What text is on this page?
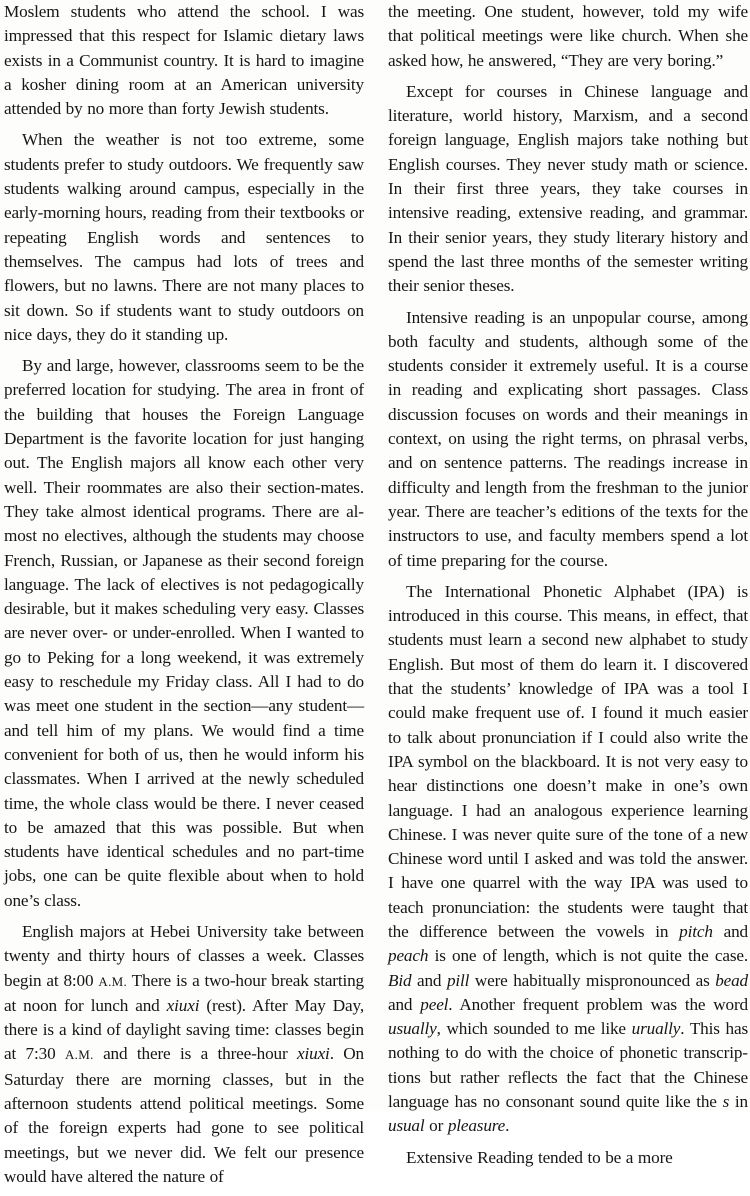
Moslem students who attend the school. I was impressed that this respect for Islamic dietary laws exists in a Communist country. It is hard to imagine a kosher dining room at an American university attended by no more than forty Jewish students.

When the weather is not too extreme, some students prefer to study outdoors. We frequently saw students walking around campus, especially in the early-morning hours, reading from their textbooks or repeating English words and sentences to themselves. The campus had lots of trees and flowers, but no lawns. There are not many places to sit down. So if students want to study outdoors on nice days, they do it standing up.

By and large, however, classrooms seem to be the preferred location for studying. The area in front of the building that houses the Foreign Language Department is the favorite location for just hanging out. The English majors all know each other very well. Their roommates are also their section-mates. They take almost identical programs. There are almost no electives, although the students may choose French, Russian, or Japanese as their second foreign language. The lack of electives is not pedagogically desirable, but it makes scheduling very easy. Classes are never over- or under-enrolled. When I wanted to go to Peking for a long weekend, it was extremely easy to reschedule my Friday class. All I had to do was meet one student in the section—any student—and tell him of my plans. We would find a time convenient for both of us, then he would inform his classmates. When I arrived at the newly scheduled time, the whole class would be there. I never ceased to be amazed that this was possible. But when students have identical schedules and no part-time jobs, one can be quite flexible about when to hold one’s class.

English majors at Hebei University take between twenty and thirty hours of classes a week. Classes begin at 8:00 A.M. There is a two-hour break starting at noon for lunch and xiuxi (rest). After May Day, there is a kind of daylight saving time: classes begin at 7:30 A.M. and there is a three-hour xiuxi. On Saturday there are morning classes, but in the afternoon students attend political meetings. Some of the foreign experts had gone to see political meetings, but we never did. We felt our presence would have altered the nature of

the meeting. One student, however, told my wife that political meetings were like church. When she asked how, he answered, “They are very boring.”

Except for courses in Chinese language and literature, world history, Marxism, and a second foreign language, English majors take nothing but English courses. They never study math or science. In their first three years, they take courses in intensive reading, extensive reading, and grammar. In their senior years, they study literary history and spend the last three months of the semester writing their senior theses.

Intensive reading is an unpopular course, among both faculty and students, although some of the students consider it extremely useful. It is a course in reading and explicating short passages. Class discussion focuses on words and their meanings in context, on using the right terms, on phrasal verbs, and on sentence patterns. The readings increase in difficulty and length from the freshman to the junior year. There are teacher’s editions of the texts for the instructors to use, and faculty members spend a lot of time preparing for the course.

The International Phonetic Alphabet (IPA) is introduced in this course. This means, in effect, that students must learn a second new alphabet to study English. But most of them do learn it. I discovered that the students’ knowledge of IPA was a tool I could make frequent use of. I found it much easier to talk about pronunciation if I could also write the IPA symbol on the blackboard. It is not very easy to hear distinctions one doesn’t make in one’s own language. I had an analogous experience learning Chinese. I was never quite sure of the tone of a new Chinese word until I asked and was told the answer. I have one quarrel with the way IPA was used to teach pronunciation: the students were taught that the difference between the vowels in pitch and peach is one of length, which is not quite the case. Bid and pill were habitually mispronounced as bead and peel. Another frequent problem was the word usually, which sounded to me like urually. This has nothing to do with the choice of phonetic transcriptions but rather reflects the fact that the Chinese language has no consonant sound quite like the s in usual or pleasure.

Extensive Reading tended to be a more
